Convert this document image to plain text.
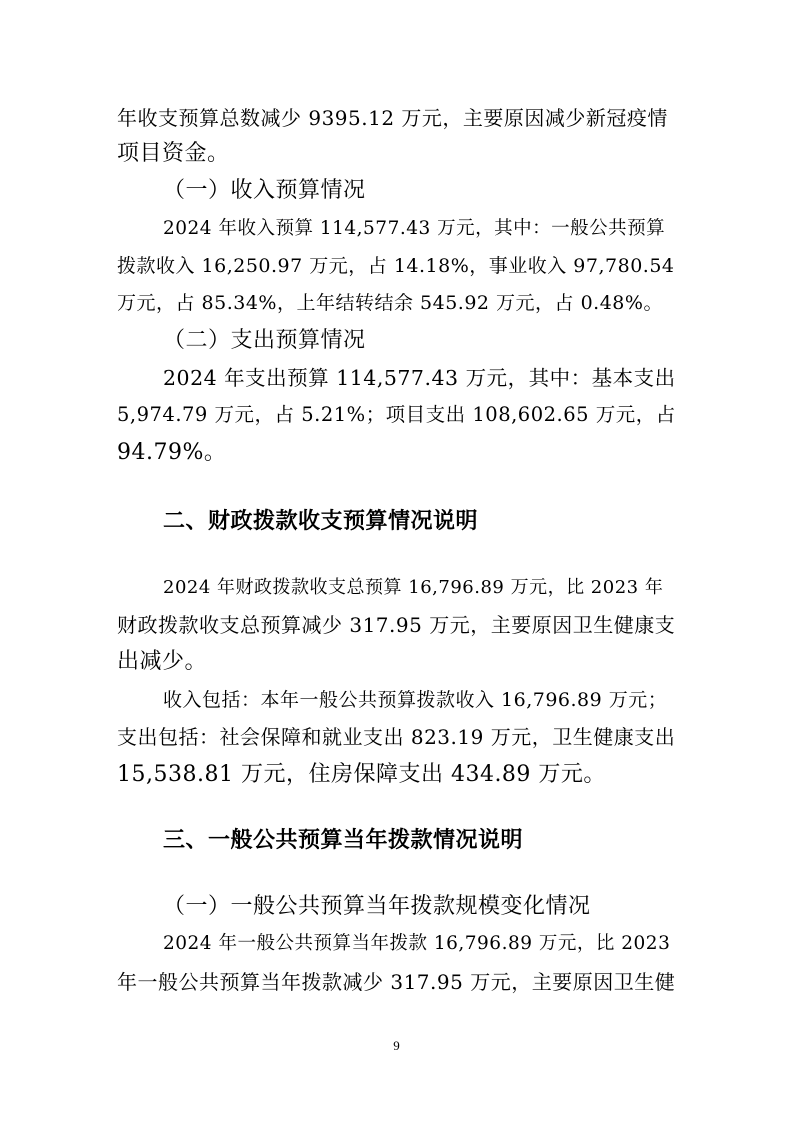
年收支预算总数减少 9395.12 万元，主要原因减少新冠疫情
项目资金。
（一）收入预算情况
2024 年收入预算 114,577.43 万元，其中：一般公共预算
拨款收入 16,250.97 万元，占 14.18%，事业收入 97,780.54
万元，占 85.34%，上年结转结余 545.92 万元，占 0.48%。
（二）支出预算情况
2024 年支出预算 114,577.43 万元，其中：基本支出
5,974.79 万元，占 5.21%；项目支出 108,602.65 万元，占
94.79%。
二、财政拨款收支预算情况说明
2024 年财政拨款收支总预算 16,796.89 万元，比 2023 年
财政拨款收支总预算减少 317.95 万元，主要原因卫生健康支
出减少。
收入包括：本年一般公共预算拨款收入 16,796.89 万元；
支出包括：社会保障和就业支出 823.19 万元，卫生健康支出
15,538.81 万元，住房保障支出 434.89 万元。
三、一般公共预算当年拨款情况说明
（一）一般公共预算当年拨款规模变化情况
2024 年一般公共预算当年拨款 16,796.89 万元，比 2023
年一般公共预算当年拨款减少 317.95 万元，主要原因卫生健
9
